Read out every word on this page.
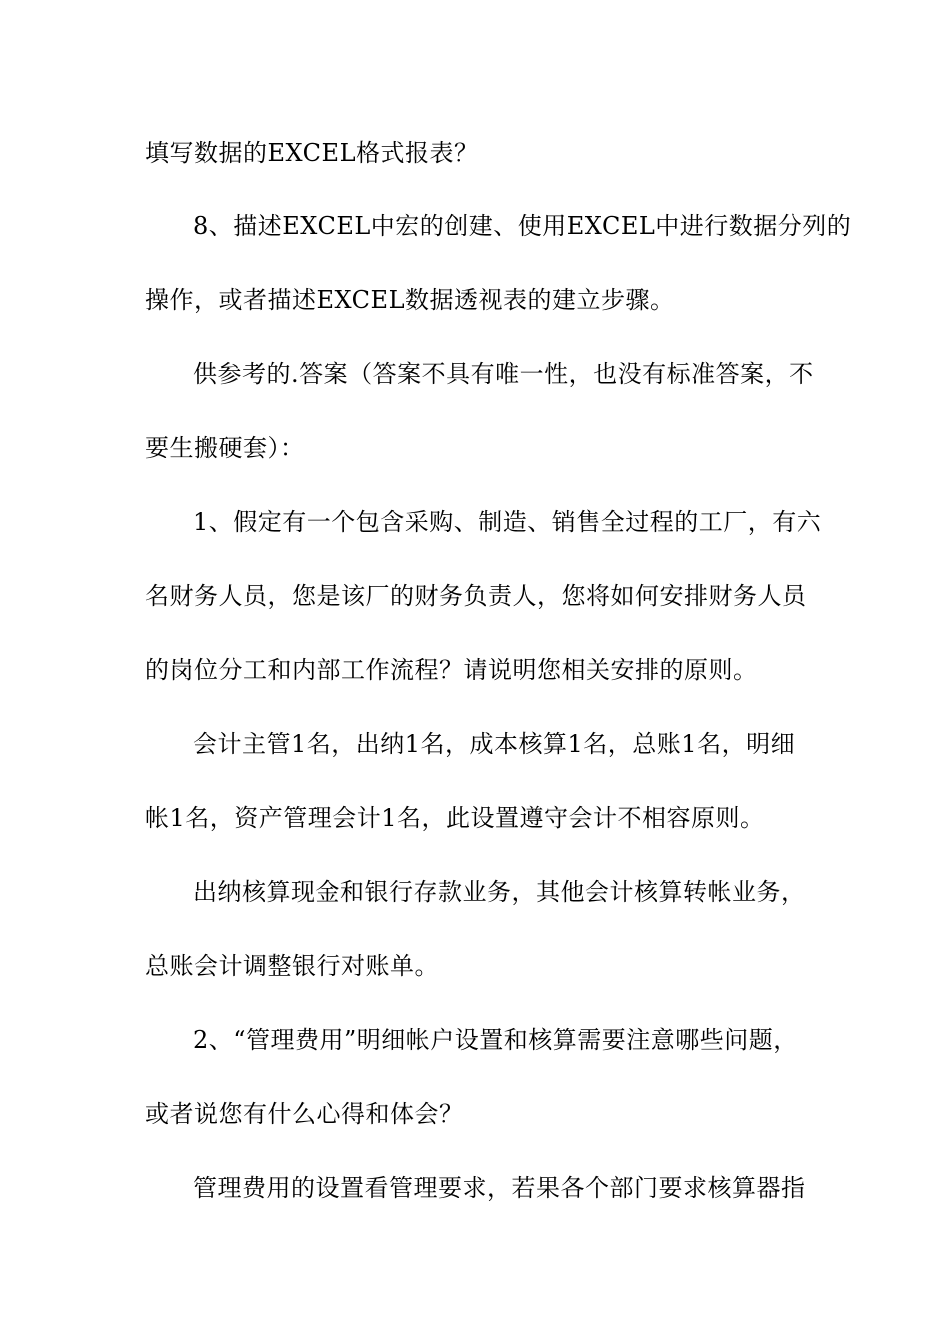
填写数据的EXCEL格式报表？
8、描述EXCEL中宏的创建、使用EXCEL中进行数据分列的
操作，或者描述EXCEL数据透视表的建立步骤。
供参考的.答案（答案不具有唯一性，也没有标准答案，不
要生搬硬套）：
1、假定有一个包含采购、制造、销售全过程的工厂，有六
名财务人员，您是该厂的财务负责人，您将如何安排财务人员
的岗位分工和内部工作流程？请说明您相关安排的原则。
会计主管1名，出纳1名，成本核算1名，总账1名，明细
帐1名，资产管理会计1名，此设置遵守会计不相容原则。
出纳核算现金和银行存款业务，其他会计核算转帐业务，
总账会计调整银行对账单。
2、“管理费用”明细帐户设置和核算需要注意哪些问题，
或者说您有什么心得和体会？
管理费用的设置看管理要求，若果各个部门要求核算器指
